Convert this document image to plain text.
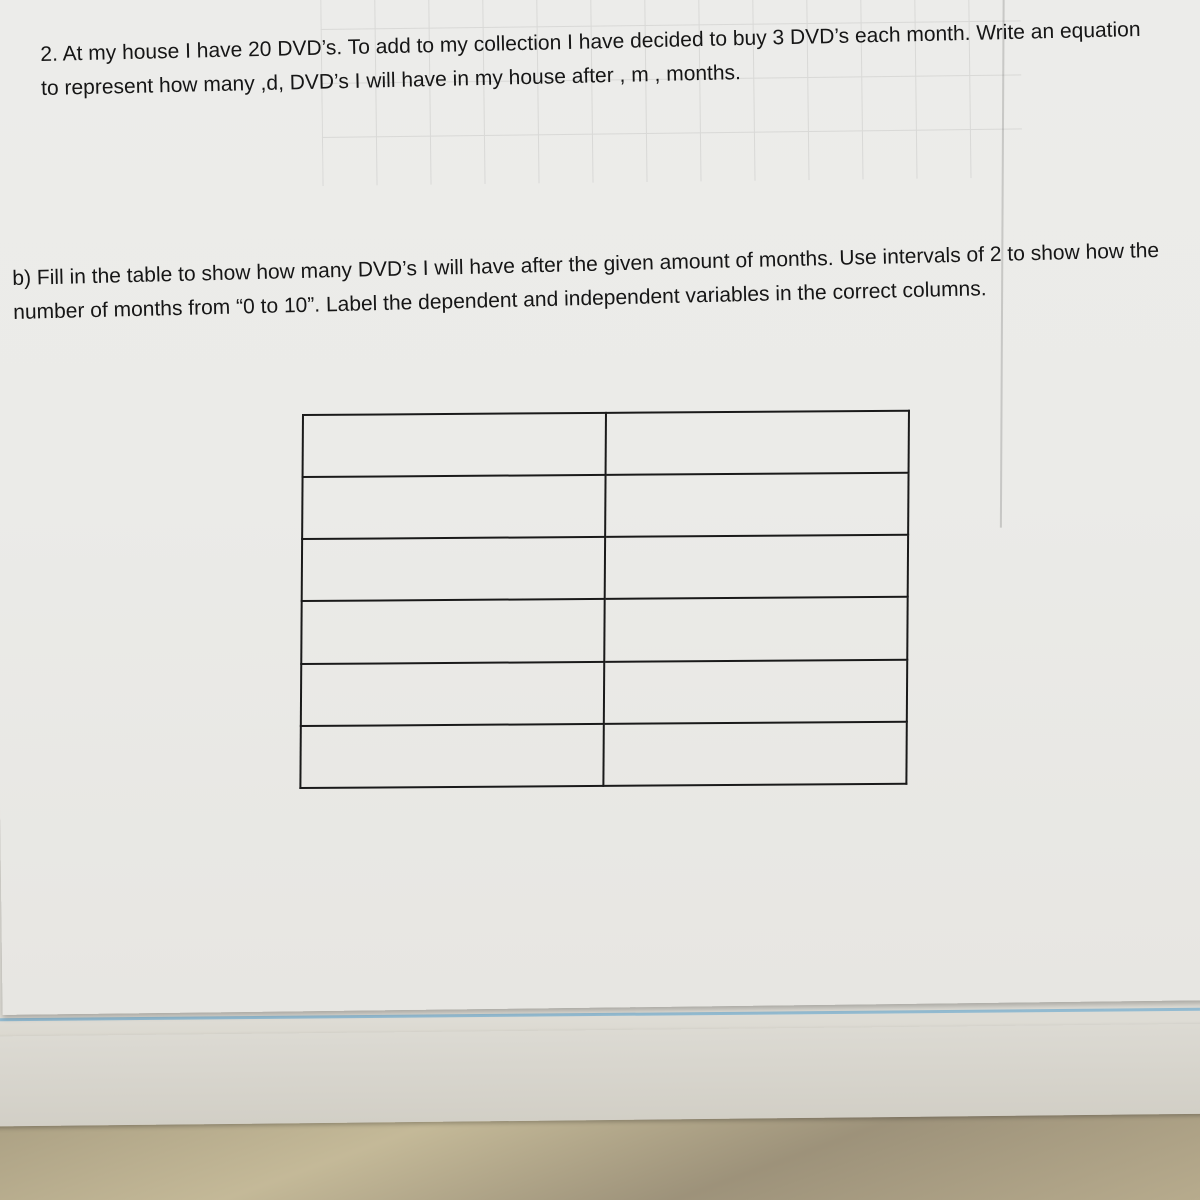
2. At my house I have 20 DVD’s. To add to my collection I have decided to buy 3 DVD’s each month. Write an equation to represent how many ,d, DVD’s I will have in my house after , m , months.

b) Fill in the table to show how many DVD’s I will have after the given amount of months. Use intervals of 2 to show how the number of months from “0 to 10”. Label the dependent and independent variables in the correct columns.
